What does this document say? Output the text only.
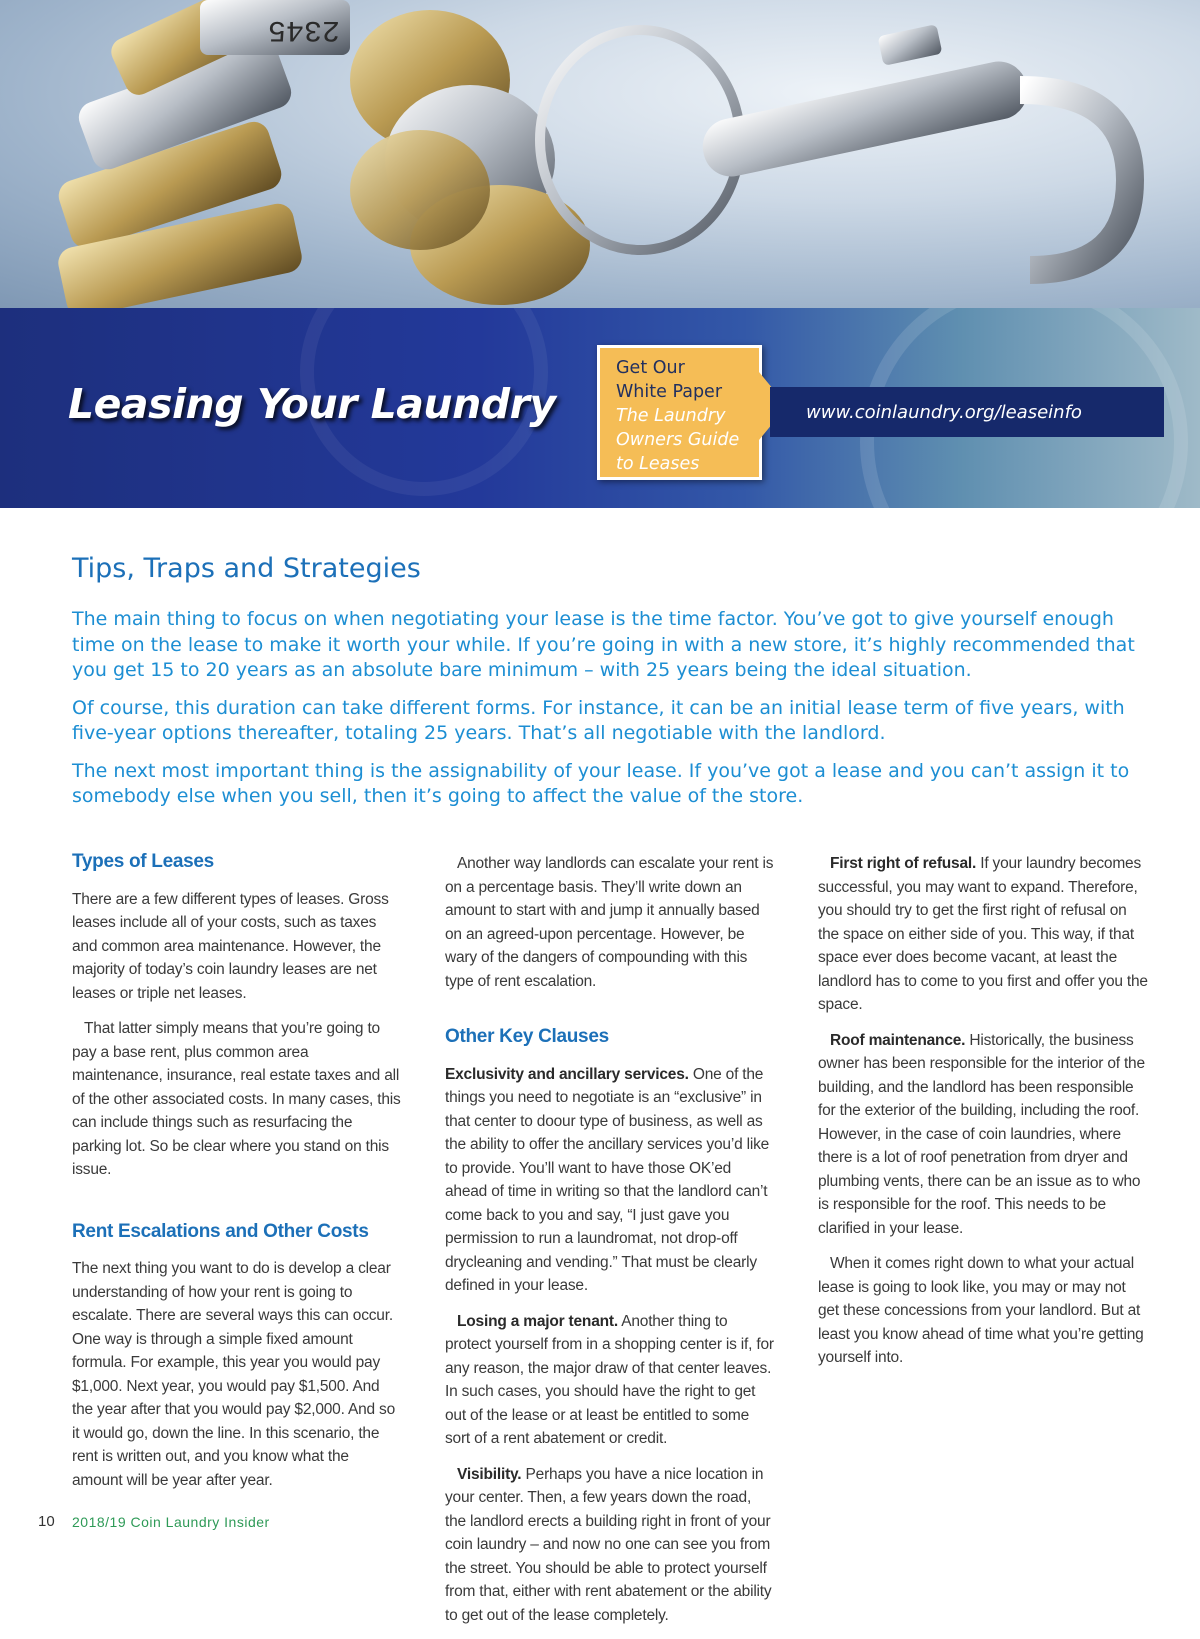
2345
Leasing Your Laundry
Get Our
White Paper
The Laundry
Owners Guide
to Leases
www.coinlaundry.org/leaseinfo
Tips, Traps and Strategies

The main thing to focus on when negotiating your lease is the time factor. You’ve got to give yourself enough time on the lease to make it worth your while. If you’re going in with a new store, it’s highly recommended that you get 15 to 20 years as an absolute bare minimum – with 25 years being the ideal situation.

Of course, this duration can take different forms. For instance, it can be an initial lease term of five years, with five-year options thereafter, totaling 25 years. That’s all negotiable with the landlord.

The next most important thing is the assignability of your lease. If you’ve got a lease and you can’t assign it to somebody else when you sell, then it’s going to affect the value of the store.

Types of Leases

There are a few different types of leases. Gross leases include all of your costs, such as taxes and common area maintenance. However, the majority of today’s coin laundry leases are net leases or triple net leases.

That latter simply means that you’re going to pay a base rent, plus common area maintenance, insurance, real estate taxes and all of the other associated costs. In many cases, this can include things such as resurfacing the parking lot. So be clear where you stand on this issue.

Rent Escalations and Other Costs

The next thing you want to do is develop a clear understanding of how your rent is going to escalate. There are several ways this can occur. One way is through a simple fixed amount formula. For example, this year you would pay $1,000. Next year, you would pay $1,500. And the year after that you would pay $2,000. And so it would go, down the line. In this scenario, the rent is written out, and you know what the amount will be year after year.

Another way landlords can escalate your rent is on a percentage basis. They’ll write down an amount to start with and jump it annually based on an agreed-upon percentage. However, be wary of the dangers of compounding with this type of rent escalation.

Other Key Clauses

Exclusivity and ancillary services. One of the things you need to negotiate is an “exclusive” in that center to doour type of business, as well as the ability to offer the ancillary services you’d like to provide. You’ll want to have those OK’ed ahead of time in writing so that the landlord can’t come back to you and say, “I just gave you permission to run a laundromat, not drop-off drycleaning and vending.” That must be clearly defined in your lease.

Losing a major tenant. Another thing to protect yourself from in a shopping center is if, for any reason, the major draw of that center leaves. In such cases, you should have the right to get out of the lease or at least be entitled to some sort of a rent abatement or credit.

Visibility. Perhaps you have a nice location in your center. Then, a few years down the road, the landlord erects a building right in front of your coin laundry – and now no one can see you from the street. You should be able to protect yourself from that, either with rent abatement or the ability to get out of the lease completely.

First right of refusal. If your laundry becomes successful, you may want to expand. Therefore, you should try to get the first right of refusal on the space on either side of you. This way, if that space ever does become vacant, at least the landlord has to come to you first and offer you the space.

Roof maintenance. Historically, the business owner has been responsible for the interior of the building, and the landlord has been responsible for the exterior of the building, including the roof. However, in the case of coin laundries, where there is a lot of roof penetration from dryer and plumbing vents, there can be an issue as to who is responsible for the roof. This needs to be clarified in your lease.

When it comes right down to what your actual lease is going to look like, you may or may not get these concessions from your landlord. But at least you know ahead of time what you’re getting yourself into.

10 2018/19 Coin Laundry Insider
